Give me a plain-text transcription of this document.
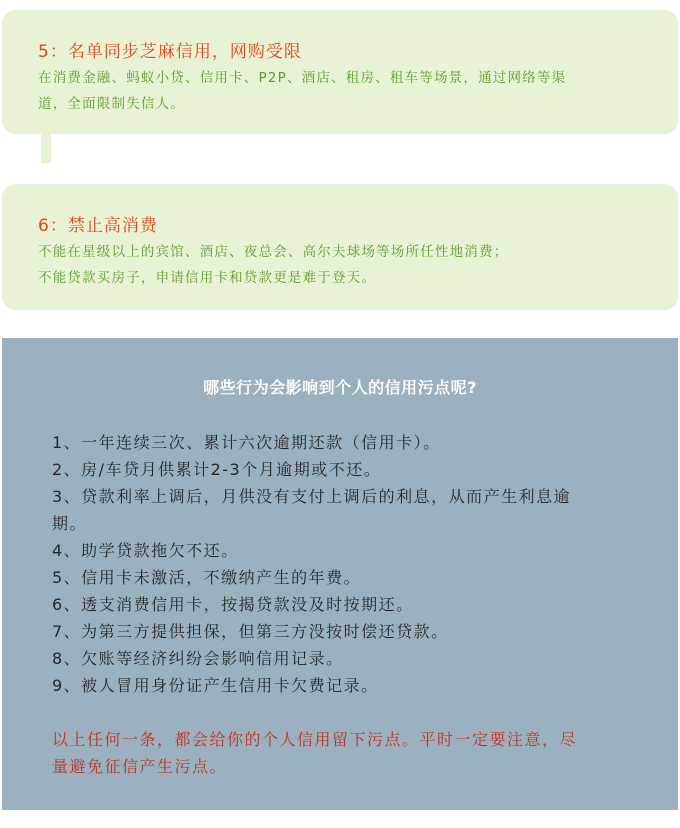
5：名单同步芝麻信用，网购受限
在消费金融、蚂蚁小贷、信用卡、P2P、酒店、租房、租车等场景，通过网络等渠
道，全面限制失信人。
6：禁止高消费
不能在星级以上的宾馆、酒店、夜总会、高尔夫球场等场所任性地消费；
不能贷款买房子，申请信用卡和贷款更是难于登天。
哪些行为会影响到个人的信用污点呢?
1、一年连续三次、累计六次逾期还款（信用卡）。
2、房/车贷月供累计2-3个月逾期或不还。
3、贷款利率上调后，月供没有支付上调后的利息，从而产生利息逾
期。
4、助学贷款拖欠不还。
5、信用卡未激活，不缴纳产生的年费。
6、透支消费信用卡，按揭贷款没及时按期还。
7、为第三方提供担保，但第三方没按时偿还贷款。
8、欠账等经济纠纷会影响信用记录。
9、被人冒用身份证产生信用卡欠费记录。
以上任何一条，都会给你的个人信用留下污点。平时一定要注意，尽
量避免征信产生污点。
